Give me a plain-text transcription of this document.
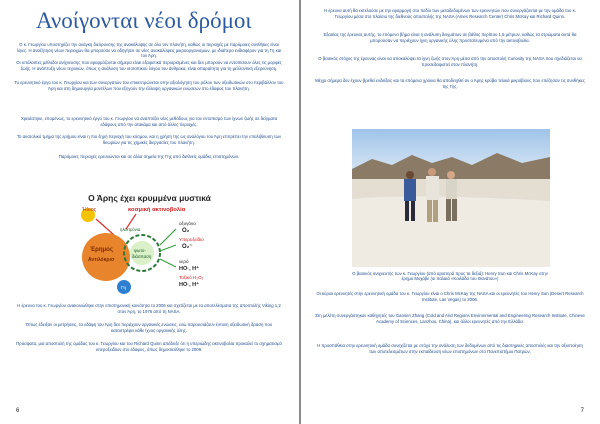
Ανοίγονται νέοι δρόμοι

Ο κ. Γεωργίου υποστηρίζει την ανάγκη διεύρυνσης της ανακάλυψης σε όλο τον πλανήτη, καθώς οι περιοχές με παρόμοιες συνθήκες είναι λίγες. Η αναζήτηση νέων περιοχών θα μπορούσε να οδηγήσει σε νέες ανακαλύψεις μικροοργανισμών, με ιδιαίτερο ενδιαφέρον για τη Γη και τον Άρη.

Οι υπόλοιπες μέθοδοι ανίχνευσης που εφαρμόζονται σήμερα είναι εξαιρετικά περιορισμένες και δεν μπορούν να εντοπίσουν όλες τις μορφές ζωής. Η ανάπτυξη νέων τεχνικών, όπως η ανάλυση του ισοτοπικού λόγου του άνθρακα, είναι απαραίτητη για τη μελλοντική εξερεύνηση.

Το ερευνητικό έργο του κ. Γεωργίου και των συνεργατών του επικεντρώνεται στην αξιολόγηση του ρόλου των οξειδωτικών στο περιβάλλον του Άρη και στη δημιουργία μοντέλων που εξηγούν την έλλειψη οργανικών ενώσεων στο έδαφος του πλανήτη.

Χρειάστηκε, επομένως, το ερευνητικό έργο του κ. Γεωργίου να αναπτύξει νέες μεθόδους για τον εντοπισμό των ίχνων ζωής σε δείγματα εδάφους από την ατακάμα και από άλλες περιοχές.

Το ανατολικό τμήμα της ερήμου είναι η πιο ξηρή περιοχή του κόσμου, και η χρήση της ως αναλόγου του Άρη επιτρέπει την επαλήθευση των θεωριών για τις χημικές διεργασίες του πλανήτη.

Παρόμοιες περιοχές ερευνώνται και σε άλλα σημεία της Γης από διεθνείς ομάδες επιστημόνων.

Ο Άρης έχει κρυμμένα μυστικά
Ήλιος	κοσμική ακτινοβολία
Έρημος
Αντιλόκρισ
φωτο-
διάσπαση
ηλεκτρόνια
οξυγόνο
O₂
Υπεροξείδιο
O₂⁻
νερό
HO·, H⁺
Τοξικό H₂O₂
HO·, H⁺
Γη

Η έρευνα του κ. Γεωργίου ανακοινώθηκε στην επιστημονική κοινότητα το 2006 και σχετίζεται με τα αποτελέσματα της αποστολής Viking 1,2 στον Άρη, το 1976 από τη NASA.

Όπως έδειξαν οι μετρήσεις, τα εδάφη του Άρη δεν περιέχουν οργανικές ενώσεις, ενώ παρουσιάζουν έντονη οξειδωτική δράση που καταστρέφει κάθε ίχνος οργανικής ύλης.

Πρόσφατα, μια αποστολή της ομάδας του κ. Γεωργίου και του Richard Quinn απέδειξε ότι η υπεριώδης ακτινοβολία προκαλεί το σχηματισμό υπεροξειδίων στο έδαφος, όπως δημοσιεύθηκε το 2009.

6

Η έρευνα αυτή θα εκτελούσε με την εφαρμογή στο πεδίο των μεταδεδομένων των ερευνητών που συνεργάζονται με την ομάδα του κ. Γεωργίου μέσα στο πλαίσιο της διεθνούς αποστολής της NASA (Ames Research Center) Chris McKay και Richard Quinn.

Εξαιτίας της έρευνας αυτής, το επόμενο βήμα είναι η ανάλυση δειγμάτων σε βάθος περίπου 1,5 μέτρων, καθώς τα στρώματα αυτά θα μπορούσαν να περιέχουν ίχνη οργανικής ύλης προστατευμένα από την ακτινοβολία.

Ο βασικός στόχος της έρευνας είναι να αποκαλύψει τα ίχνη ζωής στον Άρη μέσα από την αποστολή Curiosity της NASA που σχεδιάζεται να προσεδαφιστεί στον πλανήτη.

Μέχρι σήμερα δεν έχουν βρεθεί ενδείξεις και τα επόμενα χρόνια θα αποδειχθεί αν ο Άρης κρύβει τελικά μικρόβιους που επέζησαν τις συνθήκες της Γης.

Ο βασικός ανιχνευτής των κ. Γεωργίου (από αριστερά προς τα δεξιά): Henry Sun και Chris McKay στην έρημο Μοχάβε (οι παλαιά «Κοιλάδα του Θανάτου»)

Οι κύριοι ερευνητές στην ερευνητική ομάδα του κ. Γεωργίου είναι ο Chris McKay της NASA και οι ερευνητές του Henry Sun (Desert Research Institute, Las Vegas) το 2006.

Στη μελέτη συνεργάστηκαν καθηγητές του Gaosen Zhang (Cold and Arid Regions Environmental and Engineering Research Institute, Chinese Academy of Sciences, Lanzhou, China), και άλλοι ερευνητές από την Ελλάδα.

Η προσπάθεια στην ερευνητική ομάδα συνεχίζεται με στόχο την ανάλυση των δεδομένων από τις διαστημικές αποστολές και την αξιοποίηση των αποτελεσμάτων στην εκπαίδευση νέων επιστημόνων στο Πανεπιστήμιο Πατρών.

7
